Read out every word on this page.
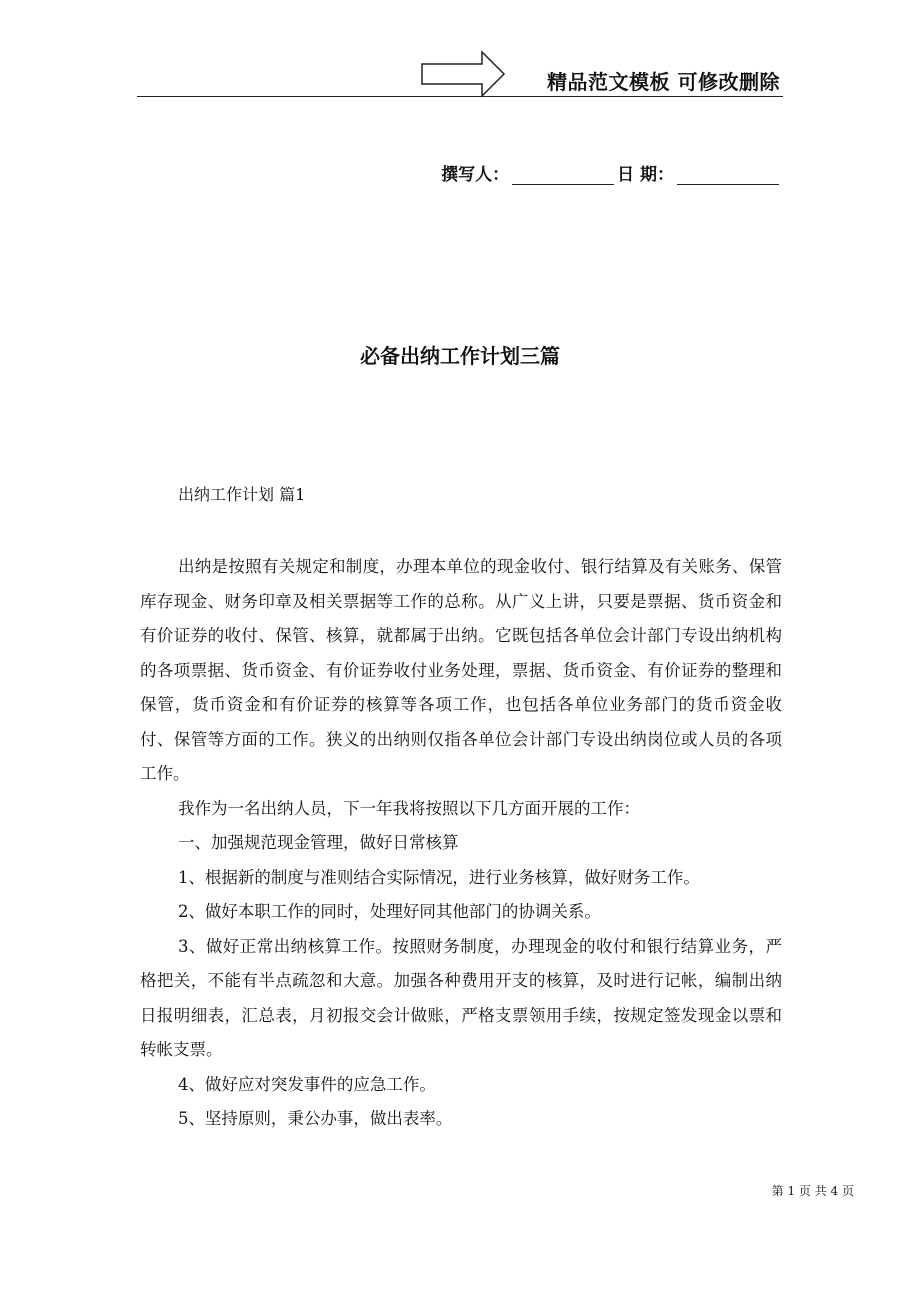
精品范文模板 可修改删除
撰写人：	日 期：
必备出纳工作计划三篇
出纳工作计划 篇1

出纳是按照有关规定和制度，办理本单位的现金收付、银行结算及有关账务、保管库存现金、财务印章及相关票据等工作的总称。从广义上讲，只要是票据、货币资金和有价证券的收付、保管、核算，就都属于出纳。它既包括各单位会计部门专设出纳机构的各项票据、货币资金、有价证券收付业务处理，票据、货币资金、有价证券的整理和保管，货币资金和有价证券的核算等各项工作，也包括各单位业务部门的货币资金收付、保管等方面的工作。狭义的出纳则仅指各单位会计部门专设出纳岗位或人员的各项工作。

我作为一名出纳人员，下一年我将按照以下几方面开展的工作：

一、加强规范现金管理，做好日常核算

1、根据新的制度与准则结合实际情况，进行业务核算，做好财务工作。

2、做好本职工作的同时，处理好同其他部门的协调关系。

3、做好正常出纳核算工作。按照财务制度，办理现金的收付和银行结算业务，严格把关，不能有半点疏忽和大意。加强各种费用开支的核算，及时进行记帐，编制出纳日报明细表，汇总表，月初报交会计做账，严格支票领用手续，按规定签发现金以票和转帐支票。

4、做好应对突发事件的应急工作。

5、坚持原则，秉公办事，做出表率。

第 1 页 共 4 页
